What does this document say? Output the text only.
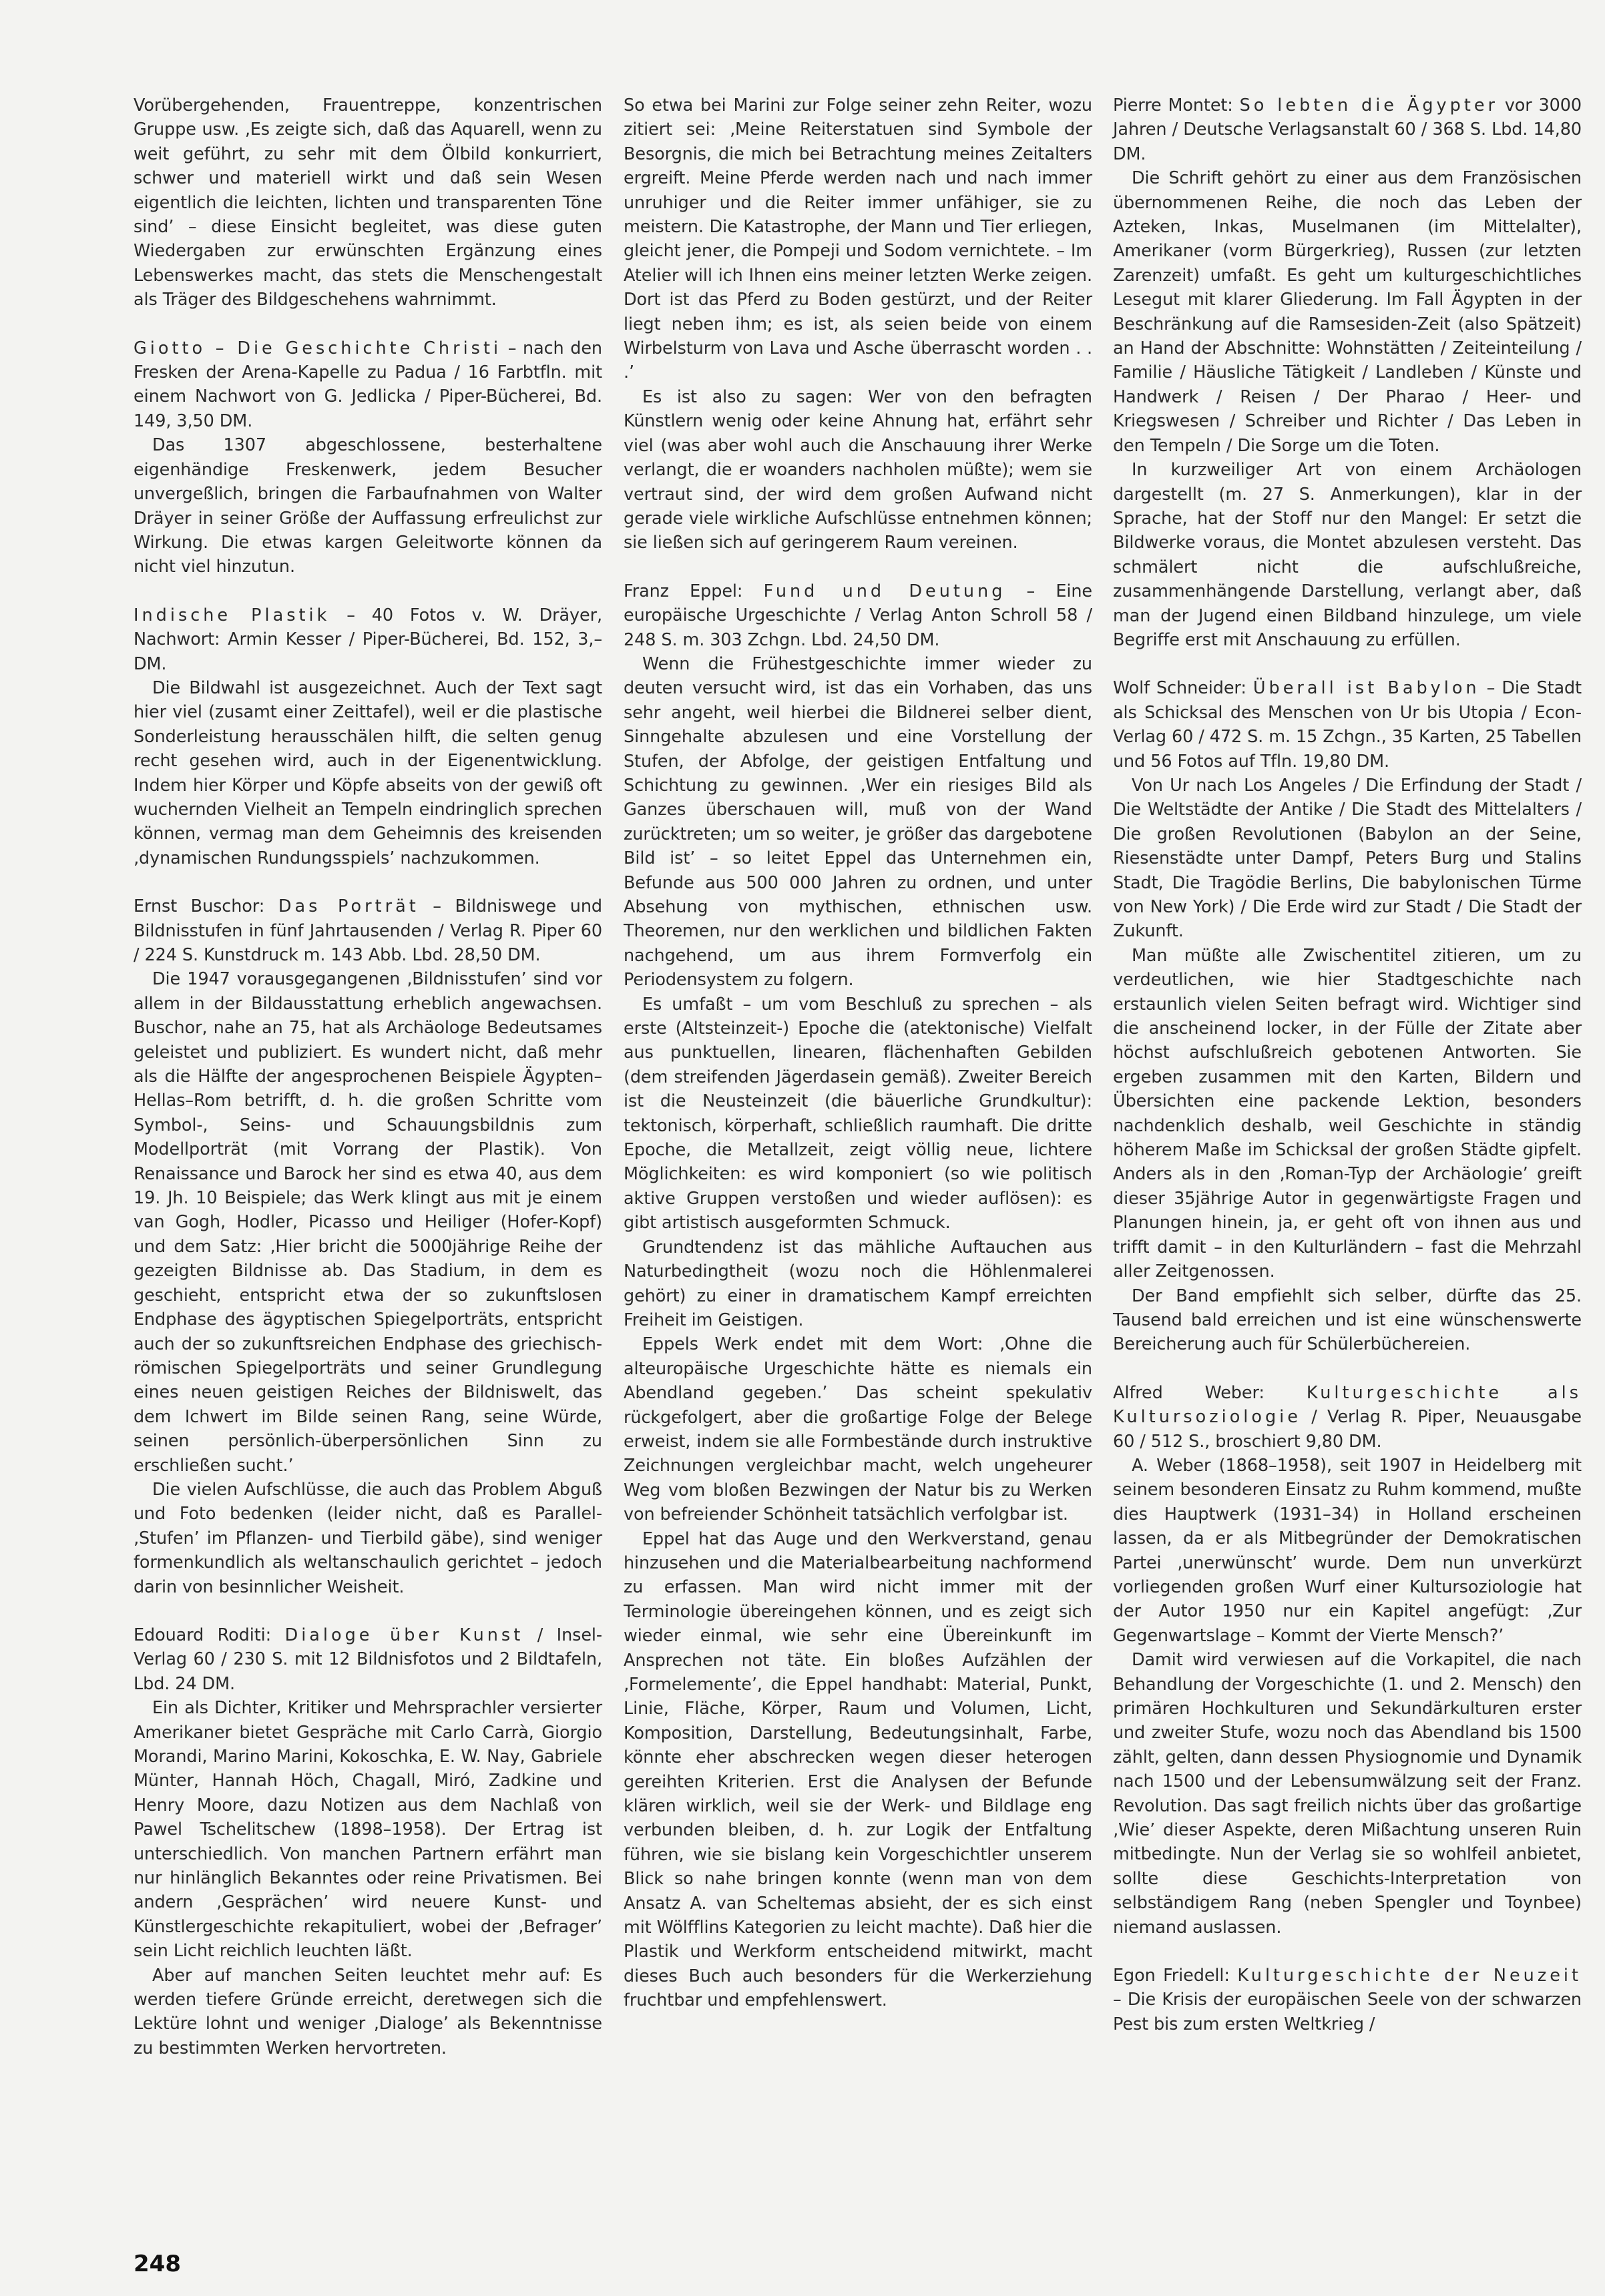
Vorübergehenden, Frauentreppe, konzentrischen Gruppe usw. ‚Es zeigte sich, daß das Aquarell, wenn zu weit geführt, zu sehr mit dem Ölbild konkurriert, schwer und materiell wirkt und daß sein Wesen eigentlich die leichten, lichten und transparenten Töne sind’ – diese Einsicht begleitet, was diese guten Wiedergaben zur erwünschten Ergänzung eines Lebenswerkes macht, das stets die Menschengestalt als Träger des Bildgeschehens wahrnimmt.

Giotto – Die Geschichte Christi – nach den Fresken der Arena-Kapelle zu Padua / 16 Farbtfln. mit einem Nachwort von G. Jedlicka / Piper-Bücherei, Bd. 149, 3,50 DM.

Das 1307 abgeschlossene, besterhaltene eigenhändige Freskenwerk, jedem Besucher unvergeßlich, bringen die Farbaufnahmen von Walter Dräyer in seiner Größe der Auffassung erfreulichst zur Wirkung. Die etwas kargen Geleitworte können da nicht viel hinzutun.

Indische Plastik – 40 Fotos v. W. Dräyer, Nachwort: Armin Kesser / Piper-Bücherei, Bd. 152, 3,– DM.

Die Bildwahl ist ausgezeichnet. Auch der Text sagt hier viel (zusamt einer Zeittafel), weil er die plastische Sonderleistung herausschälen hilft, die selten genug recht gesehen wird, auch in der Eigenentwicklung. Indem hier Körper und Köpfe abseits von der gewiß oft wuchernden Vielheit an Tempeln eindringlich sprechen können, vermag man dem Geheimnis des kreisenden ‚dynamischen Rundungsspiels’ nachzukommen.

Ernst Buschor: Das Porträt – Bildniswege und Bildnisstufen in fünf Jahrtausenden / Verlag R. Piper 60 / 224 S. Kunstdruck m. 143 Abb. Lbd. 28,50 DM.

Die 1947 vorausgegangenen ‚Bildnisstufen’ sind vor allem in der Bildausstattung erheblich angewachsen. Buschor, nahe an 75, hat als Archäologe Bedeutsames geleistet und publiziert. Es wundert nicht, daß mehr als die Hälfte der angesprochenen Beispiele Ägypten–Hellas–Rom betrifft, d. h. die großen Schritte vom Symbol-, Seins- und Schauungsbildnis zum Modellporträt (mit Vorrang der Plastik). Von Renaissance und Barock her sind es etwa 40, aus dem 19. Jh. 10 Beispiele; das Werk klingt aus mit je einem van Gogh, Hodler, Picasso und Heiliger (Hofer-Kopf) und dem Satz: ‚Hier bricht die 5000jährige Reihe der gezeigten Bildnisse ab. Das Stadium, in dem es geschieht, entspricht etwa der so zukunftslosen Endphase des ägyptischen Spiegelporträts, entspricht auch der so zukunftsreichen Endphase des griechisch-römischen Spiegelporträts und seiner Grundlegung eines neuen geistigen Reiches der Bildniswelt, das dem Ichwert im Bilde seinen Rang, seine Würde, seinen persönlich-überpersönlichen Sinn zu erschließen sucht.’

Die vielen Aufschlüsse, die auch das Problem Abguß und Foto bedenken (leider nicht, daß es Parallel-‚Stufen’ im Pflanzen- und Tierbild gäbe), sind weniger formenkundlich als weltanschaulich gerichtet – jedoch darin von besinnlicher Weisheit.

Edouard Roditi: Dialoge über Kunst / Insel-Verlag 60 / 230 S. mit 12 Bildnisfotos und 2 Bildtafeln, Lbd. 24 DM.

Ein als Dichter, Kritiker und Mehrsprachler versierter Amerikaner bietet Gespräche mit Carlo Carrà, Giorgio Morandi, Marino Marini, Kokoschka, E. W. Nay, Gabriele Münter, Hannah Höch, Chagall, Miró, Zadkine und Henry Moore, dazu Notizen aus dem Nachlaß von Pawel Tschelitschew (1898–1958). Der Ertrag ist unterschiedlich. Von manchen Partnern erfährt man nur hinlänglich Bekanntes oder reine Privatismen. Bei andern ‚Gesprächen’ wird neuere Kunst- und Künstlergeschichte rekapituliert, wobei der ‚Befrager’ sein Licht reichlich leuchten läßt.

Aber auf manchen Seiten leuchtet mehr auf: Es werden tiefere Gründe erreicht, deretwegen sich die Lektüre lohnt und weniger ‚Dialoge’ als Bekenntnisse zu bestimmten Werken hervortreten.

So etwa bei Marini zur Folge seiner zehn Reiter, wozu zitiert sei: ‚Meine Reiterstatuen sind Symbole der Besorgnis, die mich bei Betrachtung meines Zeitalters ergreift. Meine Pferde werden nach und nach immer unruhiger und die Reiter immer unfähiger, sie zu meistern. Die Katastrophe, der Mann und Tier erliegen, gleicht jener, die Pompeji und Sodom vernichtete. – Im Atelier will ich Ihnen eins meiner letzten Werke zeigen. Dort ist das Pferd zu Boden gestürzt, und der Reiter liegt neben ihm; es ist, als seien beide von einem Wirbelsturm von Lava und Asche überrascht worden . . .’

Es ist also zu sagen: Wer von den befragten Künstlern wenig oder keine Ahnung hat, erfährt sehr viel (was aber wohl auch die Anschauung ihrer Werke verlangt, die er woanders nachholen müßte); wem sie vertraut sind, der wird dem großen Aufwand nicht gerade viele wirkliche Aufschlüsse entnehmen können; sie ließen sich auf geringerem Raum vereinen.

Franz Eppel: Fund und Deutung – Eine europäische Urgeschichte / Verlag Anton Schroll 58 / 248 S. m. 303 Zchgn. Lbd. 24,50 DM.

Wenn die Frühestgeschichte immer wieder zu deuten versucht wird, ist das ein Vorhaben, das uns sehr angeht, weil hierbei die Bildnerei selber dient, Sinngehalte abzulesen und eine Vorstellung der Stufen, der Abfolge, der geistigen Entfaltung und Schichtung zu gewinnen. ‚Wer ein riesiges Bild als Ganzes überschauen will, muß von der Wand zurücktreten; um so weiter, je größer das dargebotene Bild ist’ – so leitet Eppel das Unternehmen ein, Befunde aus 500 000 Jahren zu ordnen, und unter Absehung von mythischen, ethnischen usw. Theoremen, nur den werklichen und bildlichen Fakten nachgehend, um aus ihrem Formverfolg ein Periodensystem zu folgern.

Es umfaßt – um vom Beschluß zu sprechen – als erste (Altsteinzeit-) Epoche die (atektonische) Vielfalt aus punktuellen, linearen, flächenhaften Gebilden (dem streifenden Jägerdasein gemäß). Zweiter Bereich ist die Neusteinzeit (die bäuerliche Grundkultur): tektonisch, körperhaft, schließlich raumhaft. Die dritte Epoche, die Metallzeit, zeigt völlig neue, lichtere Möglichkeiten: es wird komponiert (so wie politisch aktive Gruppen verstoßen und wieder auflösen): es gibt artistisch ausgeformten Schmuck.

Grundtendenz ist das mähliche Auftauchen aus Naturbedingtheit (wozu noch die Höhlenmalerei gehört) zu einer in dramatischem Kampf erreichten Freiheit im Geistigen.

Eppels Werk endet mit dem Wort: ‚Ohne die alteuropäische Urgeschichte hätte es niemals ein Abendland gegeben.’ Das scheint spekulativ rückgefolgert, aber die großartige Folge der Belege erweist, indem sie alle Formbestände durch instruktive Zeichnungen vergleichbar macht, welch ungeheurer Weg vom bloßen Bezwingen der Natur bis zu Werken von befreiender Schönheit tatsächlich verfolgbar ist.

Eppel hat das Auge und den Werkverstand, genau hinzusehen und die Materialbearbeitung nachformend zu erfassen. Man wird nicht immer mit der Terminologie übereingehen können, und es zeigt sich wieder einmal, wie sehr eine Übereinkunft im Ansprechen not täte. Ein bloßes Aufzählen der ‚Formelemente’, die Eppel handhabt: Material, Punkt, Linie, Fläche, Körper, Raum und Volumen, Licht, Komposition, Darstellung, Bedeutungsinhalt, Farbe, könnte eher abschrecken wegen dieser heterogen gereihten Kriterien. Erst die Analysen der Befunde klären wirklich, weil sie der Werk- und Bildlage eng verbunden bleiben, d. h. zur Logik der Entfaltung führen, wie sie bislang kein Vorgeschichtler unserem Blick so nahe bringen konnte (wenn man von dem Ansatz A. van Scheltemas absieht, der es sich einst mit Wölfflins Kategorien zu leicht machte). Daß hier die Plastik und Werkform entscheidend mitwirkt, macht dieses Buch auch besonders für die Werkerziehung fruchtbar und empfehlenswert.

Pierre Montet: So lebten die Ägypter vor 3000 Jahren / Deutsche Verlagsanstalt 60 / 368 S. Lbd. 14,80 DM.

Die Schrift gehört zu einer aus dem Französischen übernommenen Reihe, die noch das Leben der Azteken, Inkas, Muselmanen (im Mittelalter), Amerikaner (vorm Bürgerkrieg), Russen (zur letzten Zarenzeit) umfaßt. Es geht um kulturgeschichtliches Lesegut mit klarer Gliederung. Im Fall Ägypten in der Beschränkung auf die Ramsesiden-Zeit (also Spätzeit) an Hand der Abschnitte: Wohnstätten / Zeiteinteilung / Familie / Häusliche Tätigkeit / Landleben / Künste und Handwerk / Reisen / Der Pharao / Heer- und Kriegswesen / Schreiber und Richter / Das Leben in den Tempeln / Die Sorge um die Toten.

In kurzweiliger Art von einem Archäologen dargestellt (m. 27 S. Anmerkungen), klar in der Sprache, hat der Stoff nur den Mangel: Er setzt die Bildwerke voraus, die Montet abzulesen versteht. Das schmälert nicht die aufschlußreiche, zusammenhängende Darstellung, verlangt aber, daß man der Jugend einen Bildband hinzulege, um viele Begriffe erst mit Anschauung zu erfüllen.

Wolf Schneider: Überall ist Babylon – Die Stadt als Schicksal des Menschen von Ur bis Utopia / Econ-Verlag 60 / 472 S. m. 15 Zchgn., 35 Karten, 25 Tabellen und 56 Fotos auf Tfln. 19,80 DM.

Von Ur nach Los Angeles / Die Erfindung der Stadt / Die Weltstädte der Antike / Die Stadt des Mittelalters / Die großen Revolutionen (Babylon an der Seine, Riesenstädte unter Dampf, Peters Burg und Stalins Stadt, Die Tragödie Berlins, Die babylonischen Türme von New York) / Die Erde wird zur Stadt / Die Stadt der Zukunft.

Man müßte alle Zwischentitel zitieren, um zu verdeutlichen, wie hier Stadtgeschichte nach erstaunlich vielen Seiten befragt wird. Wichtiger sind die anscheinend locker, in der Fülle der Zitate aber höchst aufschlußreich gebotenen Antworten. Sie ergeben zusammen mit den Karten, Bildern und Übersichten eine packende Lektion, besonders nachdenklich deshalb, weil Geschichte in ständig höherem Maße im Schicksal der großen Städte gipfelt. Anders als in den ‚Roman-Typ der Archäologie’ greift dieser 35jährige Autor in gegenwärtigste Fragen und Planungen hinein, ja, er geht oft von ihnen aus und trifft damit – in den Kulturländern – fast die Mehrzahl aller Zeitgenossen.

Der Band empfiehlt sich selber, dürfte das 25. Tausend bald erreichen und ist eine wünschenswerte Bereicherung auch für Schülerbüchereien.

Alfred Weber: Kulturgeschichte als Kultursoziologie / Verlag R. Piper, Neuausgabe 60 / 512 S., broschiert 9,80 DM.

A. Weber (1868–1958), seit 1907 in Heidelberg mit seinem besonderen Einsatz zu Ruhm kommend, mußte dies Hauptwerk (1931–34) in Holland erscheinen lassen, da er als Mitbegründer der Demokratischen Partei ‚unerwünscht’ wurde. Dem nun unverkürzt vorliegenden großen Wurf einer Kultursoziologie hat der Autor 1950 nur ein Kapitel angefügt: ‚Zur Gegenwartslage – Kommt der Vierte Mensch?’

Damit wird verwiesen auf die Vorkapitel, die nach Behandlung der Vorgeschichte (1. und 2. Mensch) den primären Hochkulturen und Sekundärkulturen erster und zweiter Stufe, wozu noch das Abendland bis 1500 zählt, gelten, dann dessen Physiognomie und Dynamik nach 1500 und der Lebensumwälzung seit der Franz. Revolution. Das sagt freilich nichts über das großartige ‚Wie’ dieser Aspekte, deren Mißachtung unseren Ruin mitbedingte. Nun der Verlag sie so wohlfeil anbietet, sollte diese Geschichts-Interpretation von selbständigem Rang (neben Spengler und Toynbee) niemand auslassen.

Egon Friedell: Kulturgeschichte der Neuzeit – Die Krisis der europäischen Seele von der schwarzen Pest bis zum ersten Weltkrieg /

248
